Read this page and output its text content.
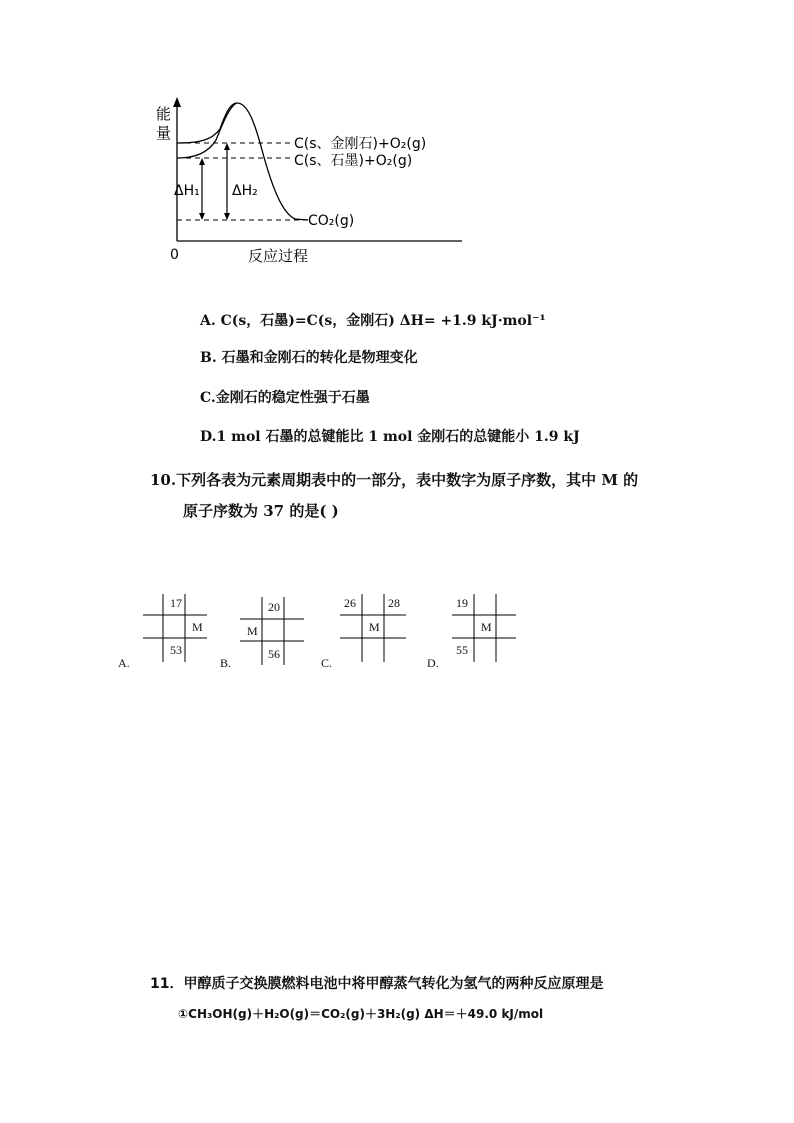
能
量
0	反应过程
C(s、金刚石)+O₂(g)
C(s、石墨)+O₂(g)
CO₂(g)
ΔH₁ ΔH₂
A. C(s，石墨)=C(s，金刚石) ΔH= +1.9 kJ·mol⁻¹
B. 石墨和金刚石的转化是物理变化
C.金刚石的稳定性强于石墨
D.1 mol 石墨的总键能比 1 mol 金刚石的总键能小 1.9 kJ
10.下列各表为元素周期表中的一部分，表中数字为原子序数，其中 M 的
原子序数为 37 的是( )
A.
17
M
53
B.
20
M
56
C.
26	28
M
D.
19
M
55
11．甲醇质子交换膜燃料电池中将甲醇蒸气转化为氢气的两种反应原理是
①CH₃OH(g)＋H₂O(g)＝CO₂(g)＋3H₂(g) ΔH＝＋49.0 kJ/mol
